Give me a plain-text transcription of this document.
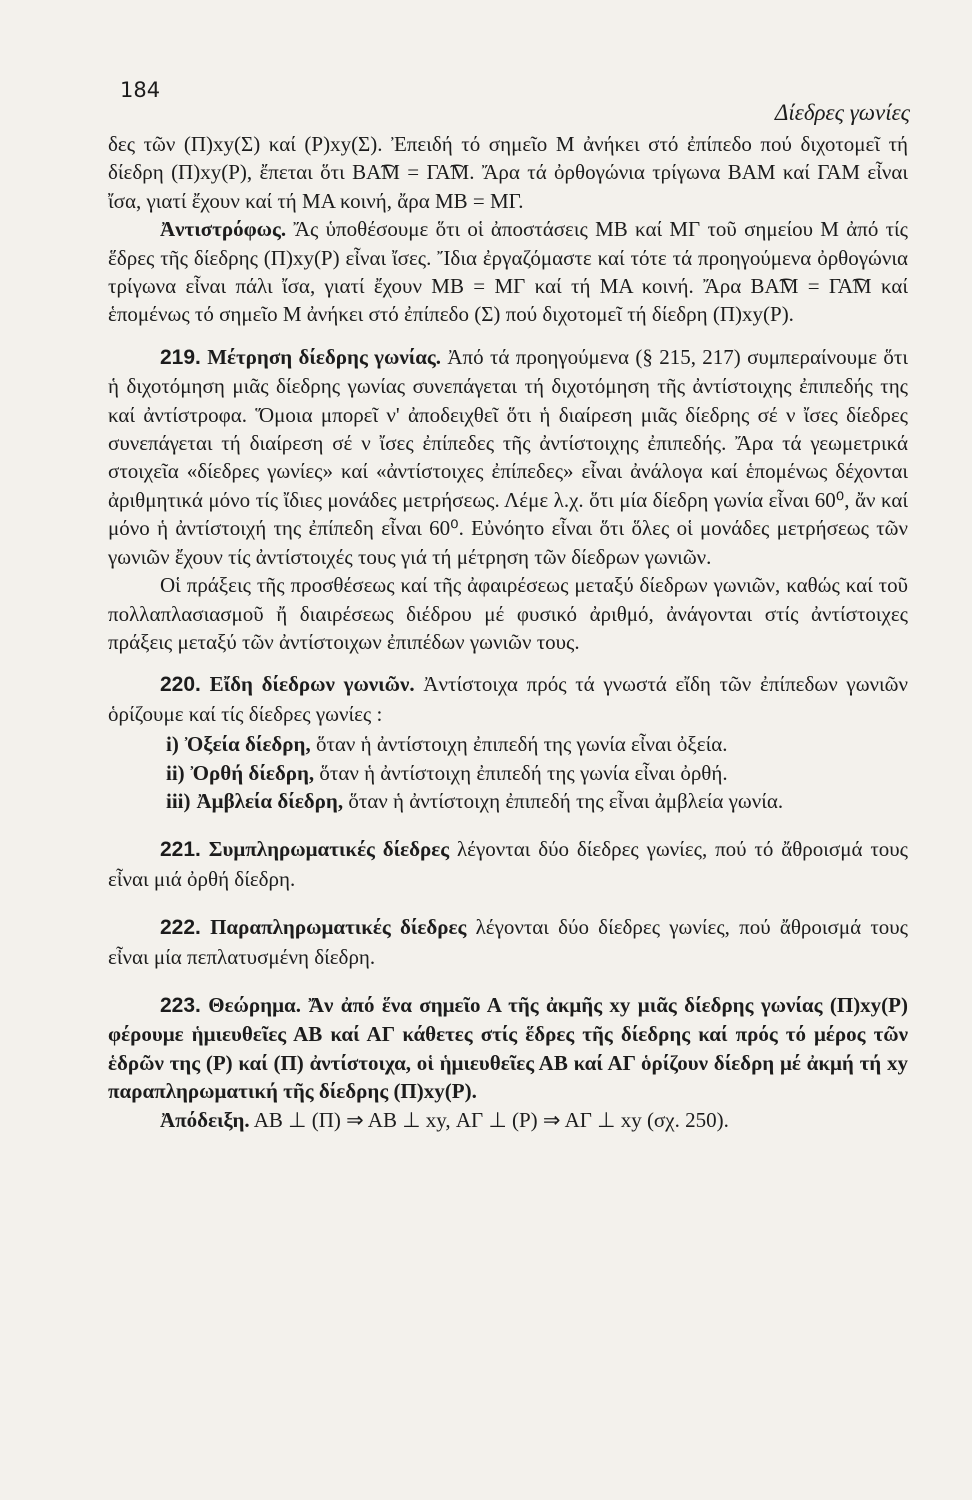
184
Δίεδρες γωνίες

δες τῶν (Π)xy(Σ) καί (Ρ)xy(Σ). Ἐπειδή τό σημεῖο Μ ἀνήκει στό ἐπίπεδο πού διχοτομεῖ τή δίεδρη (Π)xy(Ρ), ἔπεται ὅτι ΒΑ͡Μ = ΓΑ͡Μ. Ἄρα τά ὀρθογώνια τρίγωνα ΒΑΜ καί ΓΑΜ εἶναι ἴσα, γιατί ἔχουν καί τή ΜΑ κοινή, ἄρα ΜΒ = ΜΓ.

Ἀντιστρόφως. Ἄς ὑποθέσουμε ὅτι οἱ ἀποστάσεις ΜΒ καί ΜΓ τοῦ σημείου Μ ἀπό τίς ἕδρες τῆς δίεδρης (Π)xy(Ρ) εἶναι ἴσες. Ἴδια ἐργαζόμαστε καί τότε τά προηγούμενα ὀρθογώνια τρίγωνα εἶναι πάλι ἴσα, γιατί ἔχουν ΜΒ = ΜΓ καί τή ΜΑ κοινή. Ἄρα ΒΑ͡Μ = ΓΑ͡Μ καί ἑπομένως τό σημεῖο Μ ἀνήκει στό ἐπίπεδο (Σ) πού διχοτομεῖ τή δίεδρη (Π)xy(Ρ).

219. Μέτρηση δίεδρης γωνίας. Ἀπό τά προηγούμενα (§ 215, 217) συμπεραίνουμε ὅτι ἡ διχοτόμηση μιᾶς δίεδρης γωνίας συνεπάγεται τή διχοτόμηση τῆς ἀντίστοιχης ἐπιπεδής της καί ἀντίστροφα. Ὅμοια μπορεῖ ν' ἀποδειχθεῖ ὅτι ἡ διαίρεση μιᾶς δίεδρης σέ ν ἴσες δίεδρες συνεπάγεται τή διαίρεση σέ ν ἴσες ἐπίπεδες τῆς ἀντίστοιχης ἐπιπεδής. Ἄρα τά γεωμετρικά στοιχεῖα «δίεδρες γωνίες» καί «ἀντίστοιχες ἐπίπεδες» εἶναι ἀνάλογα καί ἑπομένως δέχονται ἀριθμητικά μόνο τίς ἴδιες μονάδες μετρήσεως. Λέμε λ.χ. ὅτι μία δίεδρη γωνία εἶναι 60⁰, ἄν καί μόνο ἡ ἀντίστοιχή της ἐπίπεδη εἶναι 60⁰. Εὐνόητο εἶναι ὅτι ὅλες οἱ μονάδες μετρήσεως τῶν γωνιῶν ἔχουν τίς ἀντίστοιχές τους γιά τή μέτρηση τῶν δίεδρων γωνιῶν.

Οἱ πράξεις τῆς προσθέσεως καί τῆς ἀφαιρέσεως μεταξύ δίεδρων γωνιῶν, καθώς καί τοῦ πολλαπλασιασμοῦ ἤ διαιρέσεως διέδρου μέ φυσικό ἀριθμό, ἀνάγονται στίς ἀντίστοιχες πράξεις μεταξύ τῶν ἀντίστοιχων ἐπιπέδων γωνιῶν τους.

220. Εἴδη δίεδρων γωνιῶν. Ἀντίστοιχα πρός τά γνωστά εἴδη τῶν ἐπίπεδων γωνιῶν ὁρίζουμε καί τίς δίεδρες γωνίες :

i) Ὀξεία δίεδρη, ὅταν ἡ ἀντίστοιχη ἐπιπεδή της γωνία εἶναι ὀξεία.

ii) Ὀρθή δίεδρη, ὅταν ἡ ἀντίστοιχη ἐπιπεδή της γωνία εἶναι ὀρθή.

iii) Ἀμβλεία δίεδρη, ὅταν ἡ ἀντίστοιχη ἐπιπεδή της εἶναι ἀμβλεία γωνία.

221. Συμπληρωματικές δίεδρες λέγονται δύο δίεδρες γωνίες, πού τό ἄθροισμά τους εἶναι μιά ὀρθή δίεδρη.

222. Παραπληρωματικές δίεδρες λέγονται δύο δίεδρες γωνίες, πού ἄθροισμά τους εἶναι μία πεπλατυσμένη δίεδρη.

223. Θεώρημα. Ἄν ἀπό ἕνα σημεῖο Α τῆς ἀκμῆς xy μιᾶς δίεδρης γωνίας (Π)xy(Ρ) φέρουμε ἡμιευθεῖες ΑΒ καί ΑΓ κάθετες στίς ἕδρες τῆς δίεδρης καί πρός τό μέρος τῶν ἑδρῶν της (Ρ) καί (Π) ἀντίστοιχα, οἱ ἡμιευθεῖες ΑΒ καί ΑΓ ὁρίζουν δίεδρη μέ ἀκμή τή xy παραπληρωματική τῆς δίεδρης (Π)xy(Ρ).

Ἀπόδειξη. ΑΒ ⊥ (Π) ⇒ ΑΒ ⊥ xy, ΑΓ ⊥ (Ρ) ⇒ ΑΓ ⊥ xy (σχ. 250).
